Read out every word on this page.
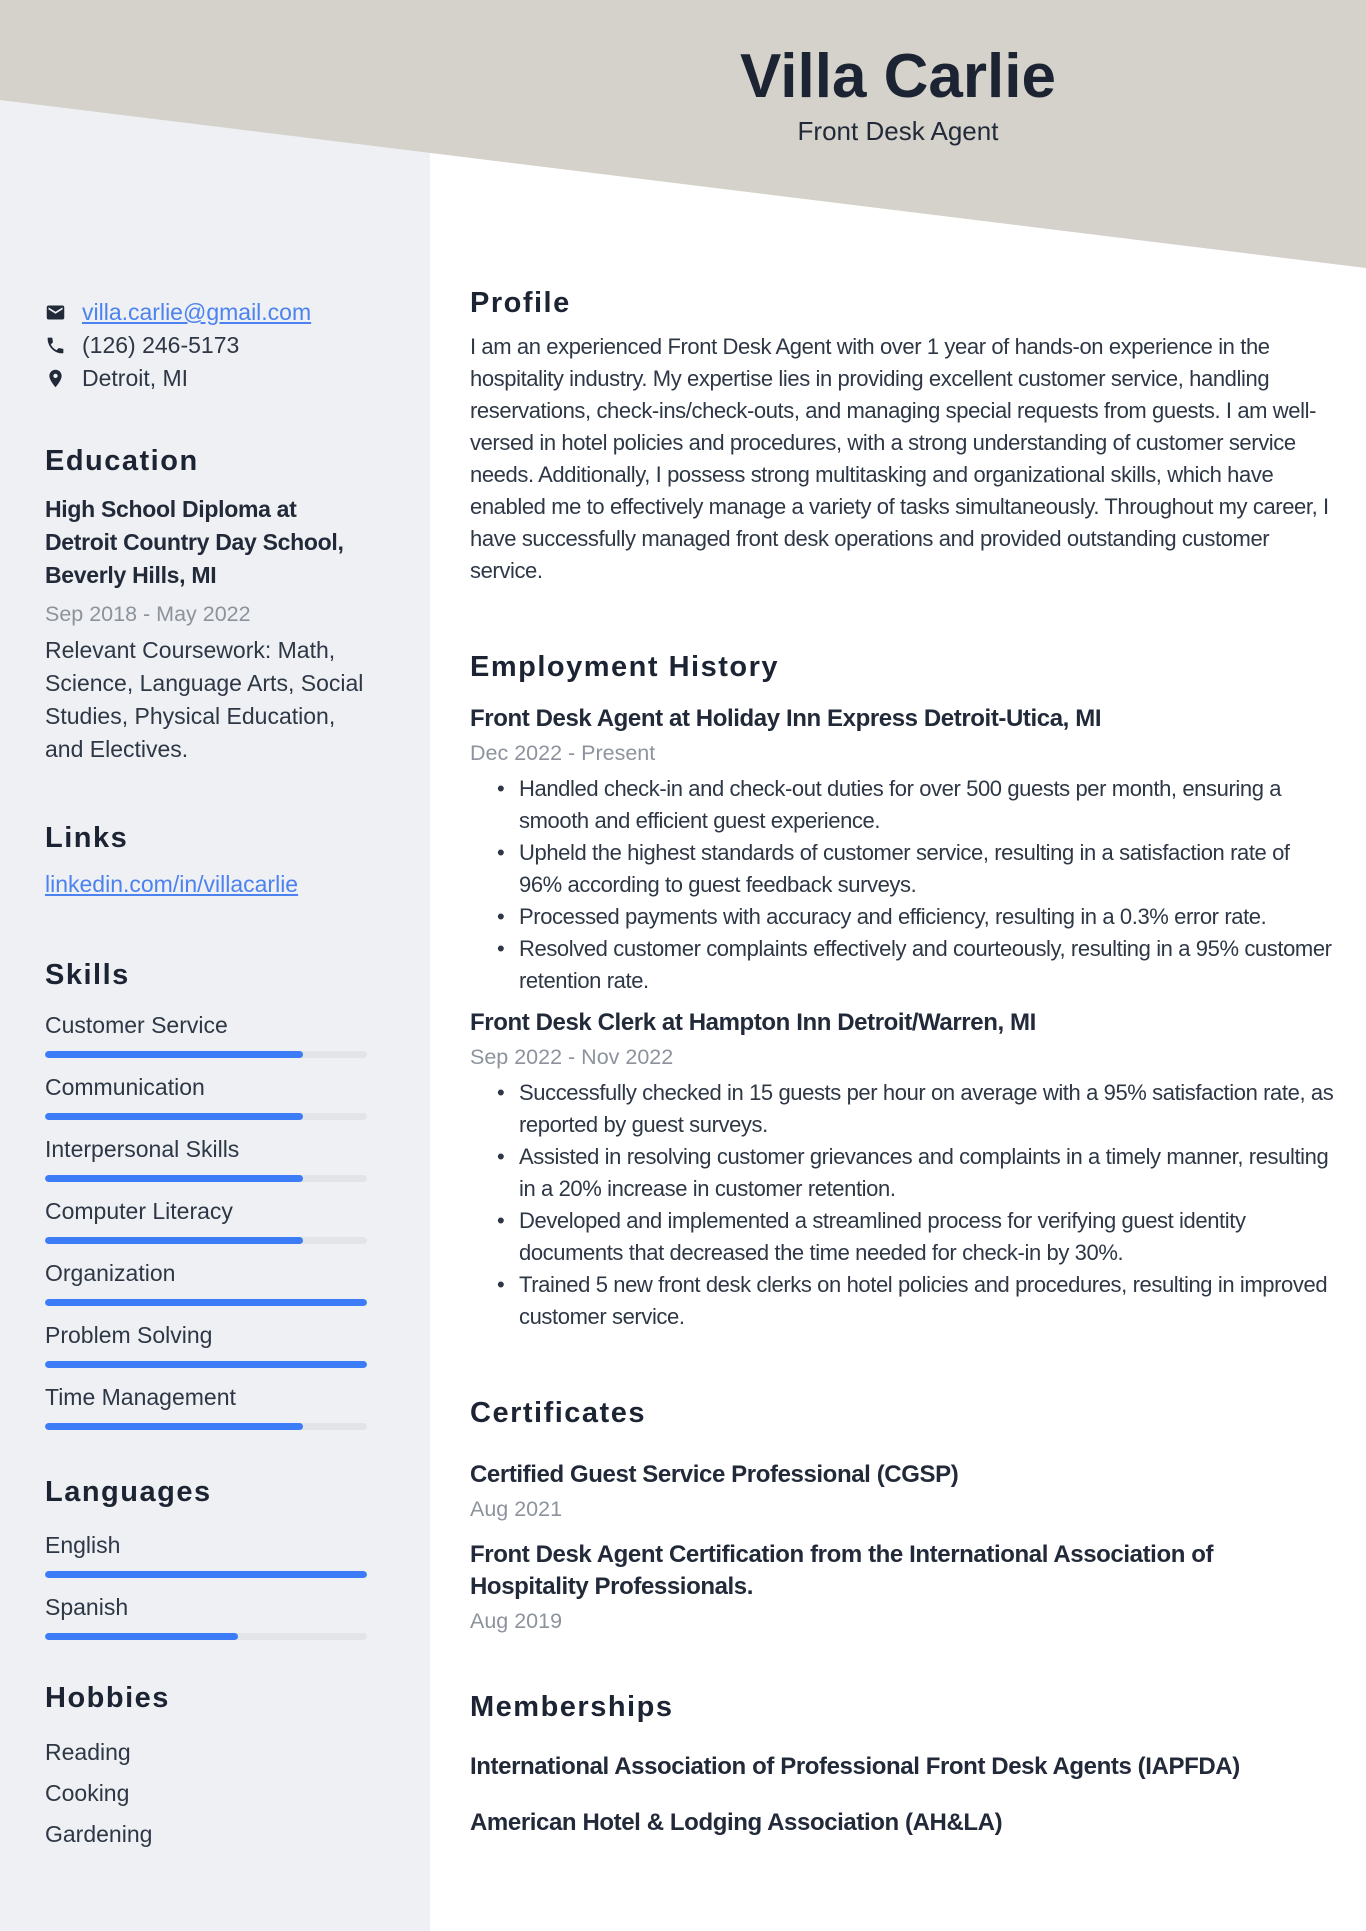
Villa Carlie
Front Desk Agent
villa.carlie@gmail.com
(126) 246-5173
Detroit, MI
Education

High School Diploma at Detroit Country Day School, Beverly Hills, MI

Sep 2018 - May 2022

Relevant Coursework: Math, Science, Language Arts, Social Studies, Physical Education, and Electives.

Links

linkedin.com/in/villacarlie

Skills
Customer Service
Communication
Interpersonal Skills
Computer Literacy
Organization
Problem Solving
Time Management
Languages
English
Spanish
Hobbies
Reading
Cooking
Gardening
Profile

I am an experienced Front Desk Agent with over 1 year of hands-on experience in the hospitality industry. My expertise lies in providing excellent customer service, handling reservations, check-ins/check-outs, and managing special requests from guests. I am well-versed in hotel policies and procedures, with a strong understanding of customer service needs. Additionally, I possess strong multitasking and organizational skills, which have enabled me to effectively manage a variety of tasks simultaneously. Throughout my career, I have successfully managed front desk operations and provided outstanding customer service.

Employment History

Front Desk Agent at Holiday Inn Express Detroit-Utica, MI

Dec 2022 - Present

• Handled check-in and check-out duties for over 500 guests per month, ensuring a smooth and efficient guest experience.
• Upheld the highest standards of customer service, resulting in a satisfaction rate of 96% according to guest feedback surveys.
• Processed payments with accuracy and efficiency, resulting in a 0.3% error rate.
• Resolved customer complaints effectively and courteously, resulting in a 95% customer retention rate.

Front Desk Clerk at Hampton Inn Detroit/Warren, MI

Sep 2022 - Nov 2022

• Successfully checked in 15 guests per hour on average with a 95% satisfaction rate, as reported by guest surveys.
• Assisted in resolving customer grievances and complaints in a timely manner, resulting in a 20% increase in customer retention.
• Developed and implemented a streamlined process for verifying guest identity documents that decreased the time needed for check-in by 30%.
• Trained 5 new front desk clerks on hotel policies and procedures, resulting in improved customer service.
Certificates

Certified Guest Service Professional (CGSP)

Aug 2021

Front Desk Agent Certification from the International Association of Hospitality Professionals.

Aug 2019

Memberships

International Association of Professional Front Desk Agents (IAPFDA)

American Hotel & Lodging Association (AH&LA)
